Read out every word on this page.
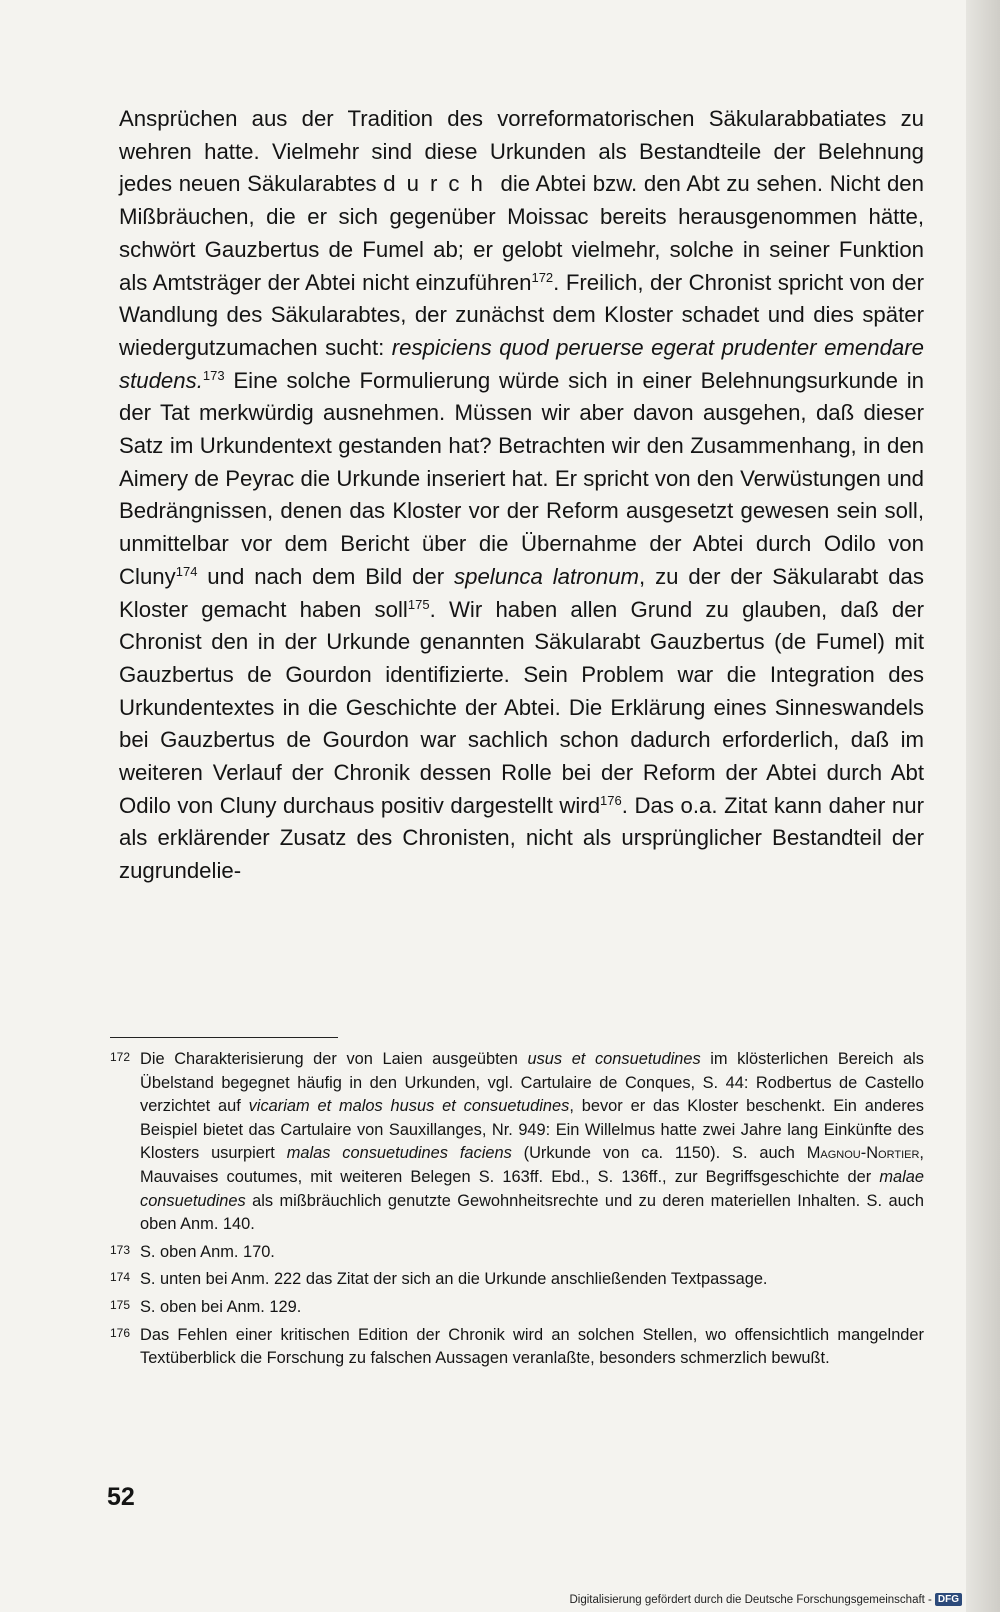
Ansprüchen aus der Tradition des vorreformatorischen Säkularabbatiates zu wehren hatte. Vielmehr sind diese Urkunden als Bestandteile der Belehnung jedes neuen Säkularabtes durch die Abtei bzw. den Abt zu sehen. Nicht den Mißbräuchen, die er sich gegenüber Moissac bereits herausgenommen hätte, schwört Gauzbertus de Fumel ab; er gelobt vielmehr, solche in seiner Funktion als Amtsträger der Abtei nicht einzuführen$^{172}$. Freilich, der Chronist spricht von der Wandlung des Säkularabtes, der zunächst dem Kloster schadet und dies später wiedergutzumachen sucht: respiciens quod peruerse egerat prudenter emendare studens.$^{173}$ Eine solche Formulierung würde sich in einer Belehnungsurkunde in der Tat merkwürdig ausnehmen. Müssen wir aber davon ausgehen, daß dieser Satz im Urkundentext gestanden hat? Betrachten wir den Zusammenhang, in den Aimery de Peyrac die Urkunde inseriert hat. Er spricht von den Verwüstungen und Bedrängnissen, denen das Kloster vor der Reform ausgesetzt gewesen sein soll, unmittelbar vor dem Bericht über die Übernahme der Abtei durch Odilo von Cluny$^{174}$ und nach dem Bild der spelunca latronum, zu der der Säkularabt das Kloster gemacht haben soll$^{175}$. Wir haben allen Grund zu glauben, daß der Chronist den in der Urkunde genannten Säkularabt Gauzbertus (de Fumel) mit Gauzbertus de Gourdon identifizierte. Sein Problem war die Integration des Urkundentextes in die Geschichte der Abtei. Die Erklärung eines Sinneswandels bei Gauzbertus de Gourdon war sachlich schon dadurch erforderlich, daß im weiteren Verlauf der Chronik dessen Rolle bei der Reform der Abtei durch Abt Odilo von Cluny durchaus positiv dargestellt wird$^{176}$. Das o.a. Zitat kann daher nur als erklärender Zusatz des Chronisten, nicht als ursprünglicher Bestandteil der zugrundelie-

172 Die Charakterisierung der von Laien ausgeübten usus et consuetudines im klösterlichen Bereich als Übelstand begegnet häufig in den Urkunden, vgl. Cartulaire de Conques, S. 44: Rodbertus de Castello verzichtet auf vicariam et malos husus et consuetudines, bevor er das Kloster beschenkt. Ein anderes Beispiel bietet das Cartulaire von Sauxillanges, Nr. 949: Ein Willelmus hatte zwei Jahre lang Einkünfte des Klosters usurpiert malas consuetudines faciens (Urkunde von ca. 1150). S. auch Magnou-Nortier, Mauvaises coutumes, mit weiteren Belegen S. 163ff. Ebd., S. 136ff., zur Begriffsgeschichte der malae consuetudines als mißbräuchlich genutzte Gewohnheitsrechte und zu deren materiellen Inhalten. S. auch oben Anm. 140.
173 S. oben Anm. 170.
174 S. unten bei Anm. 222 das Zitat der sich an die Urkunde anschließenden Textpassage.
175 S. oben bei Anm. 129.
176 Das Fehlen einer kritischen Edition der Chronik wird an solchen Stellen, wo offensichtlich mangelnder Textüberblick die Forschung zu falschen Aussagen veranlaßte, besonders schmerzlich bewußt.
52
Digitalisierung gefördert durch die Deutsche Forschungsgemeinschaft - DFG
